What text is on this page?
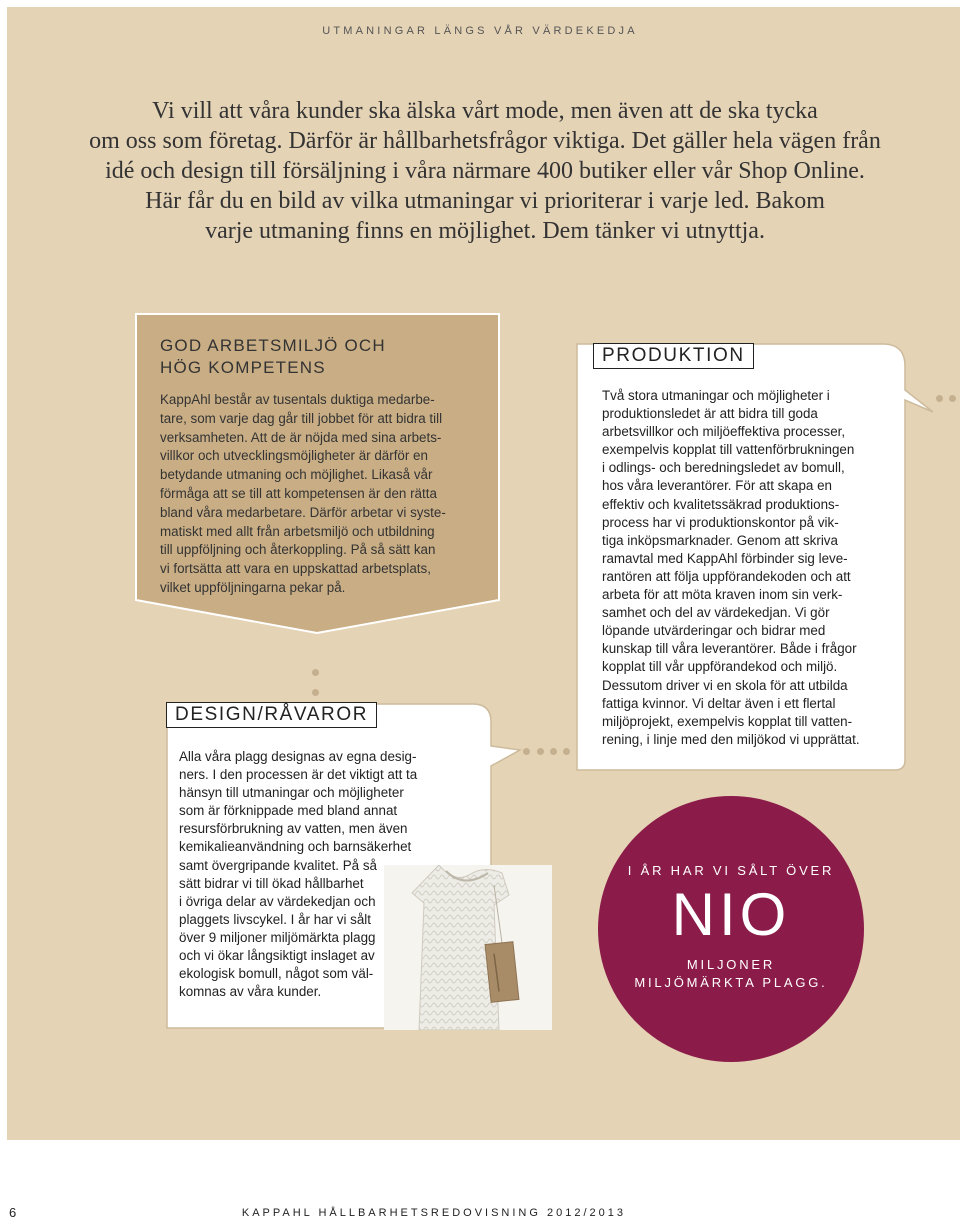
UTMANINGAR LÄNGS VÅR VÄRDEKEDJA

Vi vill att våra kunder ska älska vårt mode, men även att de ska tycka
om oss som företag. Därför är hållbarhetsfrågor viktiga. Det gäller hela vägen från
idé och design till försäljning i våra närmare 400 butiker eller vår Shop Online.
Här får du en bild av vilka utmaningar vi prioriterar i varje led. Bakom
varje utmaning finns en möjlighet. Dem tänker vi utnyttja.

GOD ARBETSMILJÖ OCH
HÖG KOMPETENS

KappAhl består av tusentals duktiga medarbe-
tare, som varje dag går till jobbet för att bidra till
verksamheten. Att de är nöjda med sina arbets-
villkor och utvecklingsmöjligheter är därför en
betydande utmaning och möjlighet. Likaså vår
förmåga att se till att kompetensen är den rätta
bland våra medarbetare. Därför arbetar vi syste-
matiskt med allt från arbetsmiljö och utbildning
till uppföljning och återkoppling. På så sätt kan
vi fortsätta att vara en uppskattad arbetsplats,
vilket uppföljningarna pekar på.

PRODUKTION

Två stora utmaningar och möjligheter i
produktionsledet är att bidra till goda
arbetsvillkor och miljöeffektiva processer,
exempelvis kopplat till vattenförbrukningen
i odlings- och beredningsledet av bomull,
hos våra leverantörer. För att skapa en
effektiv och kvalitetssäkrad produktions-
process har vi produktionskontor på vik-
tiga inköpsmarknader. Genom att skriva
ramavtal med KappAhl förbinder sig leve-
rantören att följa uppförandekoden och att
arbeta för att möta kraven inom sin verk-
samhet och del av värdekedjan. Vi gör
löpande utvärderingar och bidrar med
kunskap till våra leverantörer. Både i frågor
kopplat till vår uppförandekod och miljö.
Dessutom driver vi en skola för att utbilda
fattiga kvinnor. Vi deltar även i ett flertal
miljöprojekt, exempelvis kopplat till vatten-
rening, i linje med den miljökod vi upprättat.

DESIGN/RÅVAROR

Alla våra plagg designas av egna desig-
ners. I den processen är det viktigt att ta
hänsyn till utmaningar och möjligheter
som är förknippade med bland annat
resursförbrukning av vatten, men även
kemikalieanvändning och barnsäkerhet
samt övergripande kvalitet. På så
sätt bidrar vi till ökad hållbarhet
i övriga delar av värdekedjan och
plaggets livscykel. I år har vi sålt
över 9 miljoner miljömärkta plagg
och vi ökar långsiktigt inslaget av
ekologisk bomull, något som väl-
komnas av våra kunder.

I ÅR HAR VI SÅLT ÖVER
NIO
MILJONER
MILJÖMÄRKTA PLAGG.
6	KAPPAHL HÅLLBARHETSREDOVISNING 2012/2013
